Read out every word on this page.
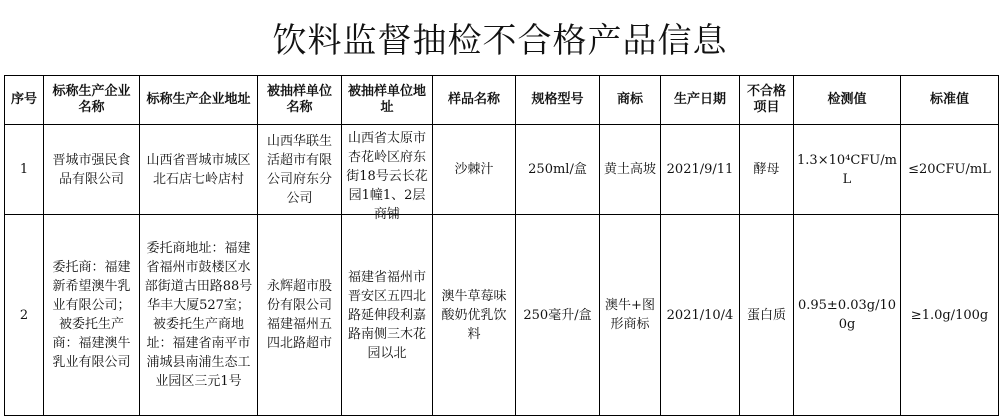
饮料监督抽检不合格产品信息
序号	标称生产企业名称	标称生产企业地址	被抽样单位名称	被抽样单位地址	样品名称	规格型号	商标	生产日期	不合格项目	检测值	标准值
1	晋城市强民食品有限公司	山西省晋城市城区北石店七岭店村	山西华联生活超市有限公司府东分公司	山西省太原市杏花岭区府东街18号云长花园1幢1、2层商铺	沙棘汁	250ml/盒	黄土高坡	2021/9/11	酵母	1.3×10⁴CFU/mL	≤20CFU/mL
2	委托商：福建新希望澳牛乳业有限公司；被委托生产商：福建澳牛乳业有限公司	委托商地址：福建省福州市鼓楼区水部街道古田路88号华丰大厦527室；被委托生产商地址：福建省南平市浦城县南浦生态工业园区三元1号	永辉超市股份有限公司福建福州五四北路超市	福建省福州市晋安区五四北路延伸段利嘉路南侧三木花园以北	澳牛草莓味酸奶优乳饮料	250毫升/盒	澳牛+图形商标	2021/10/4	蛋白质	0.95±0.03g/100g	≥1.0g/100g
